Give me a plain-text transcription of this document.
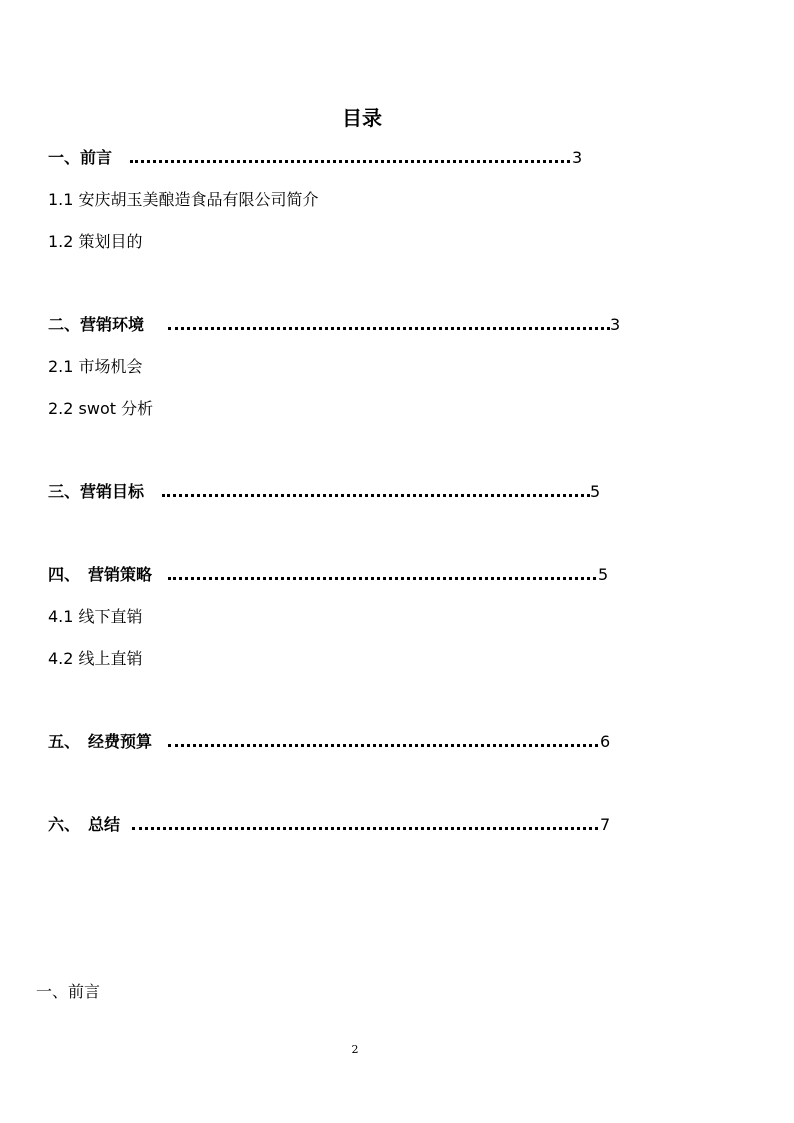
目录
一、前言	3
1.1 安庆胡玉美酿造食品有限公司简介
1.2 策划目的
二、营销环境	3
2.1 市场机会
2.2 swot 分析
三、营销目标	5
四、营销策略	5
4.1 线下直销
4.2 线上直销
五、经费预算	6
六、总结	7
一、前言
2
